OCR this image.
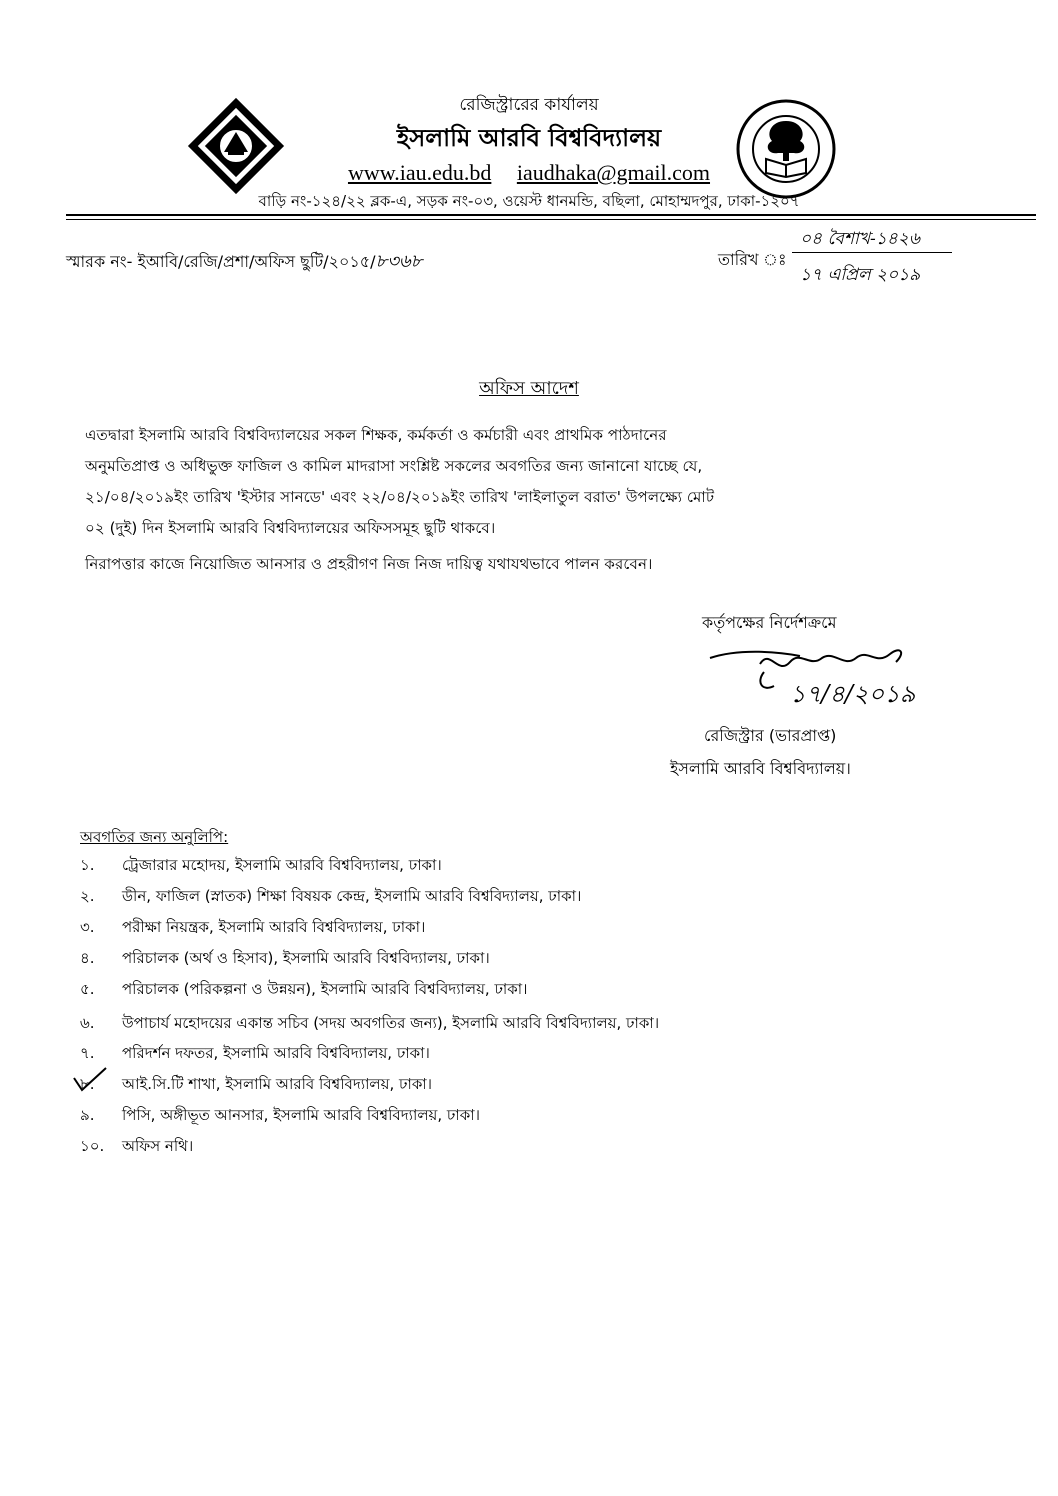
রেজিস্ট্রারের কার্যালয়
ইসলামি আরবি বিশ্ববিদ্যালয়
www.iau.edu.bd iaudhaka@gmail.com
বাড়ি নং-১২৪/২২ ব্লক-এ, সড়ক নং-০৩, ওয়েস্ট ধানমন্ডি, বছিলা, মোহাম্মদপুর, ঢাকা-১২০৭
স্মারক নং- ইআবি/রেজি/প্রশা/অফিস ছুটি/২০১৫/৮৩৬৮	তারিখ ঃ
০৪ বৈশাখ-১৪২৬
১৭ এপ্রিল ২০১৯
অফিস আদেশ
এতদ্বারা ইসলামি আরবি বিশ্ববিদ্যালয়ের সকল শিক্ষক, কর্মকর্তা ও কর্মচারী এবং প্রাথমিক পাঠদানের
অনুমতিপ্রাপ্ত ও অধিভুক্ত ফাজিল ও কামিল মাদরাসা সংশ্লিষ্ট সকলের অবগতির জন্য জানানো যাচ্ছে যে,
২১/০৪/২০১৯ইং তারিখ 'ইস্টার সানডে' এবং ২২/০৪/২০১৯ইং তারিখ 'লাইলাতুল বরাত' উপলক্ষ্যে মোট
০২ (দুই) দিন ইসলামি আরবি বিশ্ববিদ্যালয়ের অফিসসমূহ ছুটি থাকবে।
নিরাপত্তার কাজে নিয়োজিত আনসার ও প্রহরীগণ নিজ নিজ দায়িত্ব যথাযথভাবে পালন করবেন।
কর্তৃপক্ষের নির্দেশক্রমে
১৭/৪/২০১৯
রেজিস্ট্রার (ভারপ্রাপ্ত)
ইসলামি আরবি বিশ্ববিদ্যালয়।
অবগতির জন্য অনুলিপি:
১. ট্রেজারার মহোদয়, ইসলামি আরবি বিশ্ববিদ্যালয়, ঢাকা।
২. ডীন, ফাজিল (স্নাতক) শিক্ষা বিষয়ক কেন্দ্র, ইসলামি আরবি বিশ্ববিদ্যালয়, ঢাকা।
৩. পরীক্ষা নিয়ন্ত্রক, ইসলামি আরবি বিশ্ববিদ্যালয়, ঢাকা।
৪. পরিচালক (অর্থ ও হিসাব), ইসলামি আরবি বিশ্ববিদ্যালয়, ঢাকা।
৫. পরিচালক (পরিকল্পনা ও উন্নয়ন), ইসলামি আরবি বিশ্ববিদ্যালয়, ঢাকা।
৬. উপাচার্য মহোদয়ের একান্ত সচিব (সদয় অবগতির জন্য), ইসলামি আরবি বিশ্ববিদ্যালয়, ঢাকা।
৭. পরিদর্শন দফতর, ইসলামি আরবি বিশ্ববিদ্যালয়, ঢাকা।
৮. আই.সি.টি শাখা, ইসলামি আরবি বিশ্ববিদ্যালয়, ঢাকা।
৯. পিসি, অঙ্গীভূত আনসার, ইসলামি আরবি বিশ্ববিদ্যালয়, ঢাকা।
১০. অফিস নথি।
